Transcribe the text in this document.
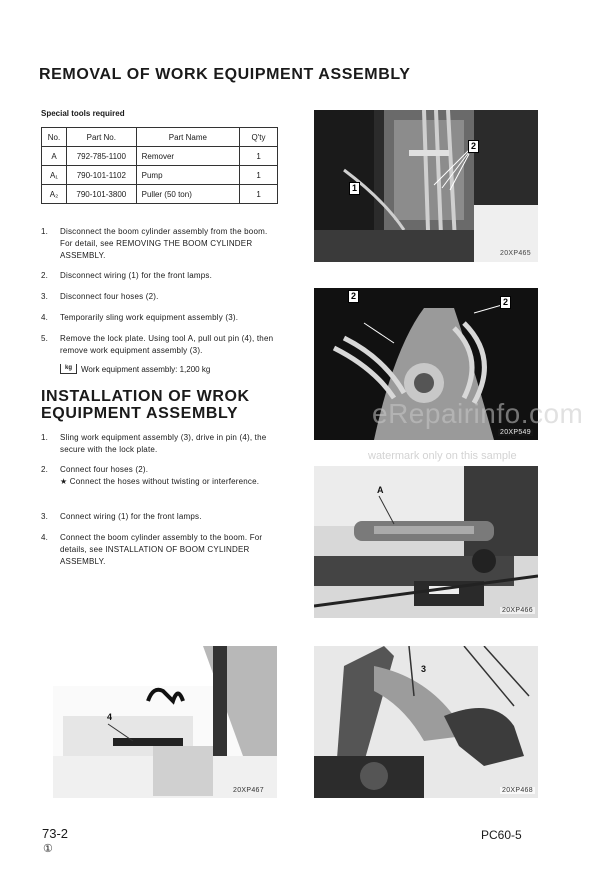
REMOVAL OF WORK EQUIPMENT ASSEMBLY
Special tools required
No.	Part No.	Part Name	Q'ty
A	792-785-1100	Remover	1
A₁	790-101-1102	Pump	1
A₂	790-101-3800	Puller (50 ton)	1
1. Disconnect the boom cylinder assembly from the boom. For detail, see REMOVING THE BOOM CYLINDER ASSEMBLY.
2. Disconnect wiring (1) for the front lamps.
3. Disconnect four hoses (2).
4. Temporarily sling work equipment assembly (3).
5. Remove the lock plate. Using tool A, pull out pin (4), then remove work equipment assembly (3).
kg	Work equipment assembly: 1,200 kg
INSTALLATION OF WROK
EQUIPMENT ASSEMBLY
1. Sling work equipment assembly (3), drive in pin (4), the secure with the lock plate.
2. Connect four hoses (2).
★ Connect the hoses without twisting or interference.
3. Connect wiring (1) for the front lamps.
4. Connect the boom cylinder assembly to the boom. For details, see INSTALLATION OF BOOM CYLINDER ASSEMBLY.
1
2
20XP465
2
2
20XP549
A
20XP466
4
20XP467
3
20XP468
eRepairinfo.com
watermark only on this sample
73-2
①
PC60-5
